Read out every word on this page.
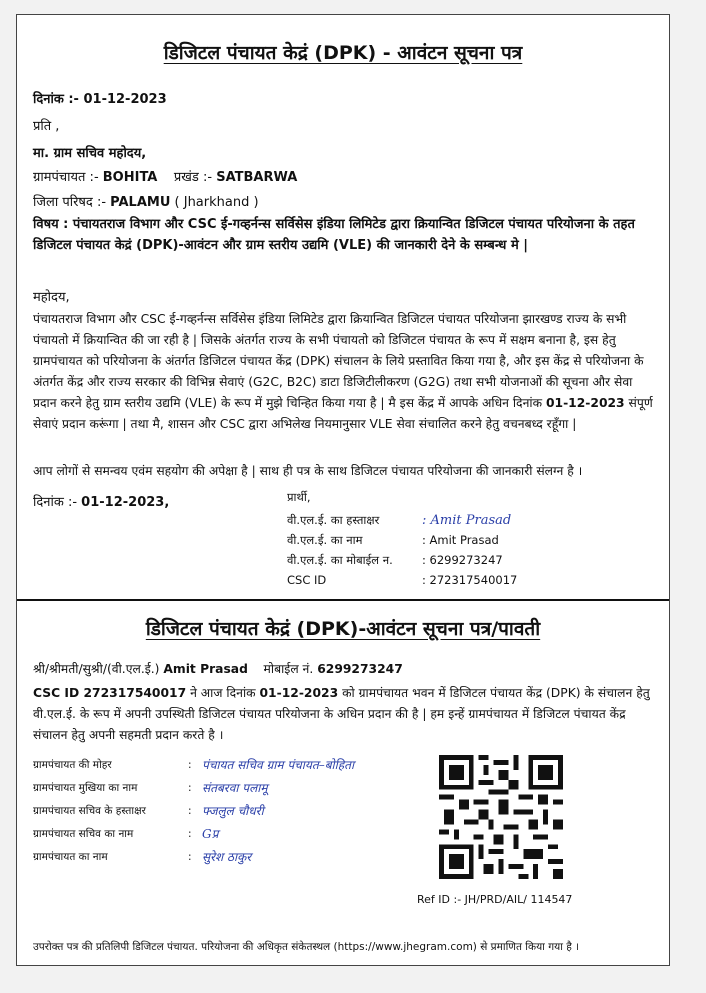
डिजिटल पंचायत केद्रं (DPK) - आवंटन सूचना पत्र
दिनांक :- 01-12-2023
प्रति ,
मा. ग्राम सचिव महोदय,
ग्रामपंचायत :- BOHITA प्रखंड :- SATBARWA
जिला परिषद :- PALAMU ( Jharkhand )
विषय : पंचायतराज विभाग और CSC ई-गव्हर्नन्स सर्विसेस इंडिया लिमिटेड द्वारा क्रियान्वित डिजिटल पंचायत परियोजना के तहत डिजिटल पंचायत केद्रं (DPK)-आवंटन और ग्राम स्तरीय उद्यमि (VLE) की जानकारी देने के सम्बन्ध मे |
महोदय,
पंचायतराज विभाग और CSC ई-गव्हर्नन्स सर्विसेस इंडिया लिमिटेड द्वारा क्रियान्वित डिजिटल पंचायत परियोजना झारखण्ड राज्य के सभी पंचायतो में क्रियान्वित की जा रही है | जिसके अंतर्गत राज्य के सभी पंचायतो को डिजिटल पंचायत के रूप में सक्षम बनाना है, इस हेतु ग्रामपंचायत को परियोजना के अंतर्गत डिजिटल पंचायत केंद्र (DPK) संचालन के लिये प्रस्तावित किया गया है, और इस केंद्र से परियोजना के अंतर्गत केंद्र और राज्य सरकार की विभिन्न सेवाएं (G2C, B2C) डाटा डिजिटीलीकरण (G2G) तथा सभी योजनाओं की सूचना और सेवा प्रदान करने हेतु ग्राम स्तरीय उद्यमि (VLE) के रूप में मुझे चिन्हित किया गया है | मै इस केंद्र में आपके अधिन दिनांक 01-12-2023 संपूर्ण सेवाएं प्रदान करूंगा | तथा मै, शासन और CSC द्वारा अभिलेख नियमानुसार VLE सेवा संचालित करने हेतु वचनबध्द रहूँगा |
आप लोगों से समन्वय एवंम सहयोग की अपेक्षा है | साथ ही पत्र के साथ डिजिटल पंचायत परियोजना की जानकारी संलग्न है ।
दिनांक :- 01-12-2023,	प्रार्थी,
वी.एल.ई. का हस्ताक्षर	: Amit Prasad
वी.एल.ई. का नाम	: Amit Prasad
वी.एल.ई. का मोबाईल न.	: 6299273247
CSC ID	: 272317540017
डिजिटल पंचायत केद्रं (DPK)-आवंटन सूचना पत्र/पावती
श्री/श्रीमती/सुश्री/(वी.एल.ई.) Amit Prasad मोबाईल नं. 6299273247
CSC ID 272317540017 ने आज दिनांक 01-12-2023 को ग्रामपंचायत भवन में डिजिटल पंचायत केंद्र (DPK) के संचालन हेतु वी.एल.ई. के रूप में अपनी उपस्थिती डिजिटल पंचायत परियोजना के अधिन प्रदान की है | हम इन्हें ग्रामपंचायत में डिजिटल पंचायत केंद्र संचालन हेतु अपनी सहमती प्रदान करते है ।
ग्रामपंचायत की मोहर	: पंचायत सचिव ग्राम पंचायत–बोहिता
ग्रामपंचायत मुखिया का नाम	: संतबरवा पलामू
ग्रामपंचायत सचिव के हस्ताक्षर	: फ्जलुल चौधरी
ग्रामपंचायत सचिव का नाम	: Gप्र
ग्रामपंचायत का नाम	: सुरेश ठाकुर
Ref ID :- JH/PRD/AIL/ 114547
उपरोक्त पत्र की प्रतिलिपी डिजिटल पंचायत. परियोजना की अधिकृत संकेतस्थल (https://www.jhegram.com) से प्रमाणित किया गया है ।
